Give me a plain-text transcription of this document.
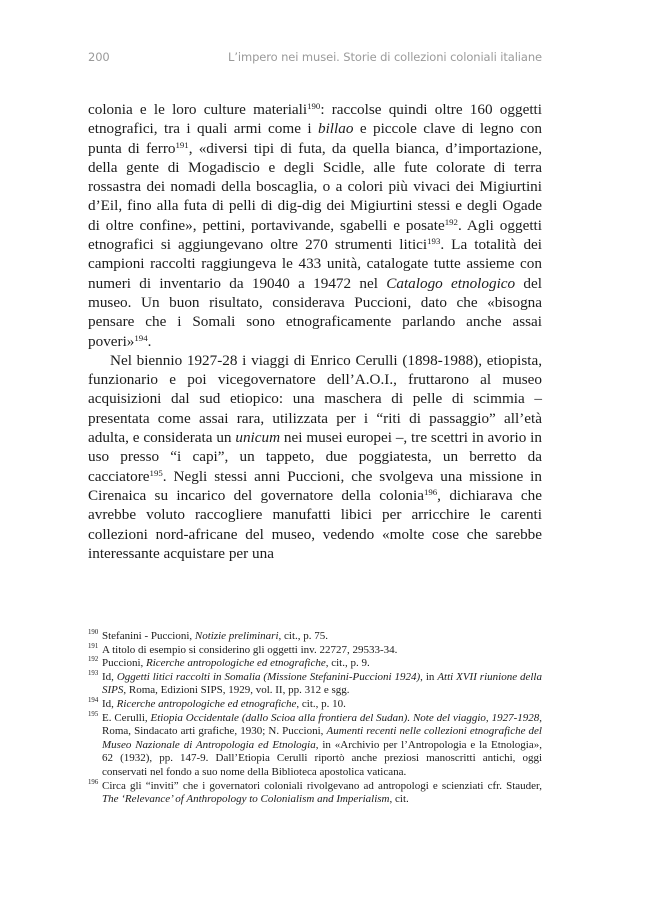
200	L’impero nei musei. Storie di collezioni coloniali italiane

colonia e le loro culture materiali$^{190}$: raccolse quindi oltre 160 oggetti etnografici, tra i quali armi come i billao e piccole clave di legno con punta di ferro$^{191}$, «diversi tipi di futa, da quella bianca, d’importazione, della gente di Mogadiscio e degli Scidle, alle fute colorate di terra rossastra dei nomadi della boscaglia, o a colori più vivaci dei Migiurtini d’Eil, fino alla futa di pelli di dig-dig dei Migiurtini stessi e degli Ogade di oltre confine», pettini, portavivande, sgabelli e posate$^{192}$. Agli oggetti etnografici si aggiungevano oltre 270 strumenti litici$^{193}$. La totalità dei campioni raccolti raggiungeva le 433 unità, catalogate tutte assieme con numeri di inventario da 19040 a 19472 nel Catalogo etnologico del museo. Un buon risultato, considerava Puccioni, dato che «bisogna pensare che i Somali sono etnograficamente parlando anche assai poveri»$^{194}$.

Nel biennio 1927-28 i viaggi di Enrico Cerulli (1898-1988), etiopista, funzionario e poi vicegovernatore dell’A.O.I., fruttarono al museo acquisizioni dal sud etiopico: una maschera di pelle di scimmia – presentata come assai rara, utilizzata per i “riti di passaggio” all’età adulta, e considerata un unicum nei musei europei –, tre scettri in avorio in uso presso “i capi”, un tappeto, due poggiatesta, un berretto da cacciatore$^{195}$. Negli stessi anni Puccioni, che svolgeva una missione in Cirenaica su incarico del governatore della colonia$^{196}$, dichiarava che avrebbe voluto raccogliere manufatti libici per arricchire le carenti collezioni nord-africane del museo, vedendo «molte cose che sarebbe interessante acquistare per una

190 Stefanini - Puccioni, Notizie preliminari, cit., p. 75.

191 A titolo di esempio si considerino gli oggetti inv. 22727, 29533-34.

192 Puccioni, Ricerche antropologiche ed etnografiche, cit., p. 9.

193 Id, Oggetti litici raccolti in Somalia (Missione Stefanini-Puccioni 1924), in Atti XVII riunione della SIPS, Roma, Edizioni SIPS, 1929, vol. II, pp. 312 e sgg.

194 Id, Ricerche antropologiche ed etnografiche, cit., p. 10.

195 E. Cerulli, Etiopia Occidentale (dallo Scioa alla frontiera del Sudan). Note del viaggio, 1927-1928, Roma, Sindacato arti grafiche, 1930; N. Puccioni, Aumenti recenti nelle collezioni etnografiche del Museo Nazionale di Antropologia ed Etnologia, in «Archivio per l’Antropologia e la Etnologia», 62 (1932), pp. 147-9. Dall’Etiopia Cerulli riportò anche preziosi manoscritti antichi, oggi conservati nel fondo a suo nome della Biblioteca apostolica vaticana.

196 Circa gli “inviti” che i governatori coloniali rivolgevano ad antropologi e scienziati cfr. Stauder, The ‘Relevance’ of Anthropology to Colonialism and Imperialism, cit.
